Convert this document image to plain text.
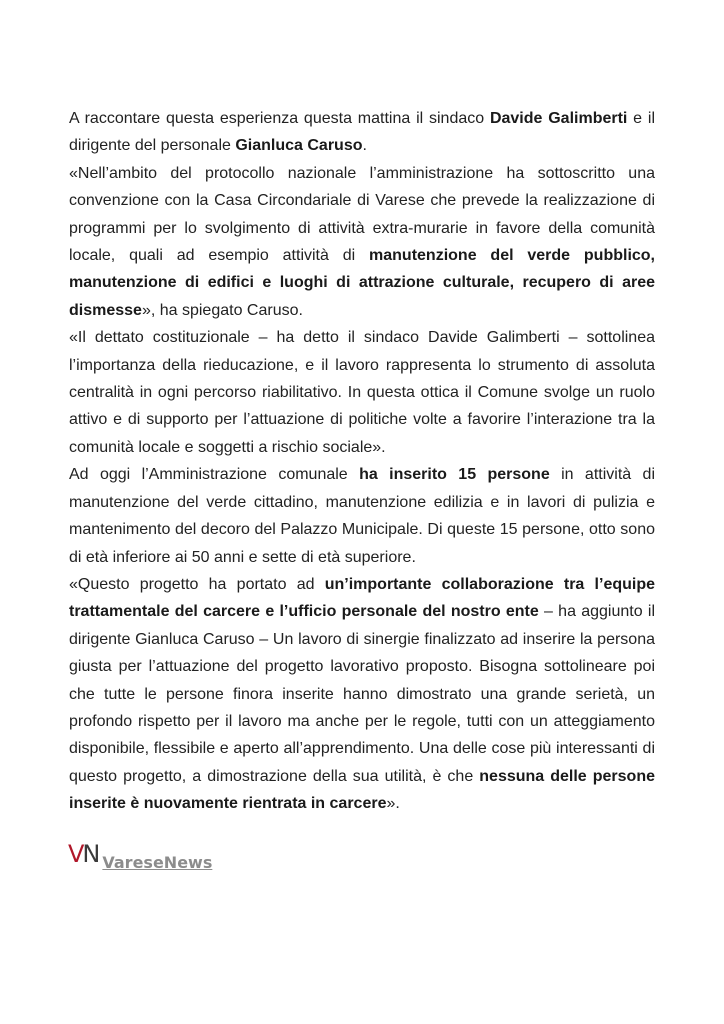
A raccontare questa esperienza questa mattina il sindaco Davide Galimberti e il dirigente del personale Gianluca Caruso.

«Nell’ambito del protocollo nazionale l’amministrazione ha sottoscritto una convenzione con la Casa Circondariale di Varese che prevede la realizzazione di programmi per lo svolgimento di attività extra-murarie in favore della comunità locale, quali ad esempio attività di manutenzione del verde pubblico, manutenzione di edifici e luoghi di attrazione culturale, recupero di aree dismesse», ha spiegato Caruso.

«Il dettato costituzionale – ha detto il sindaco Davide Galimberti – sottolinea l’importanza della rieducazione, e il lavoro rappresenta lo strumento di assoluta centralità in ogni percorso riabilitativo. In questa ottica il Comune svolge un ruolo attivo e di supporto per l’attuazione di politiche volte a favorire l’interazione tra la comunità locale e soggetti a rischio sociale».

Ad oggi l’Amministrazione comunale ha inserito 15 persone in attività di manutenzione del verde cittadino, manutenzione edilizia e in lavori di pulizia e mantenimento del decoro del Palazzo Municipale. Di queste 15 persone, otto sono di età inferiore ai 50 anni e sette di età superiore.

«Questo progetto ha portato ad un’importante collaborazione tra l’equipe trattamentale del carcere e l’ufficio personale del nostro ente – ha aggiunto il dirigente Gianluca Caruso – Un lavoro di sinergie finalizzato ad inserire la persona giusta per l’attuazione del progetto lavorativo proposto. Bisogna sottolineare poi che tutte le persone finora inserite hanno dimostrato una grande serietà, un profondo rispetto per il lavoro ma anche per le regole, tutti con un atteggiamento disponibile, flessibile e aperto all’apprendimento. Una delle cose più interessanti di questo progetto, a dimostrazione della sua utilità, è che nessuna delle persone inserite è nuovamente rientrata in carcere».

VN VareseNews
